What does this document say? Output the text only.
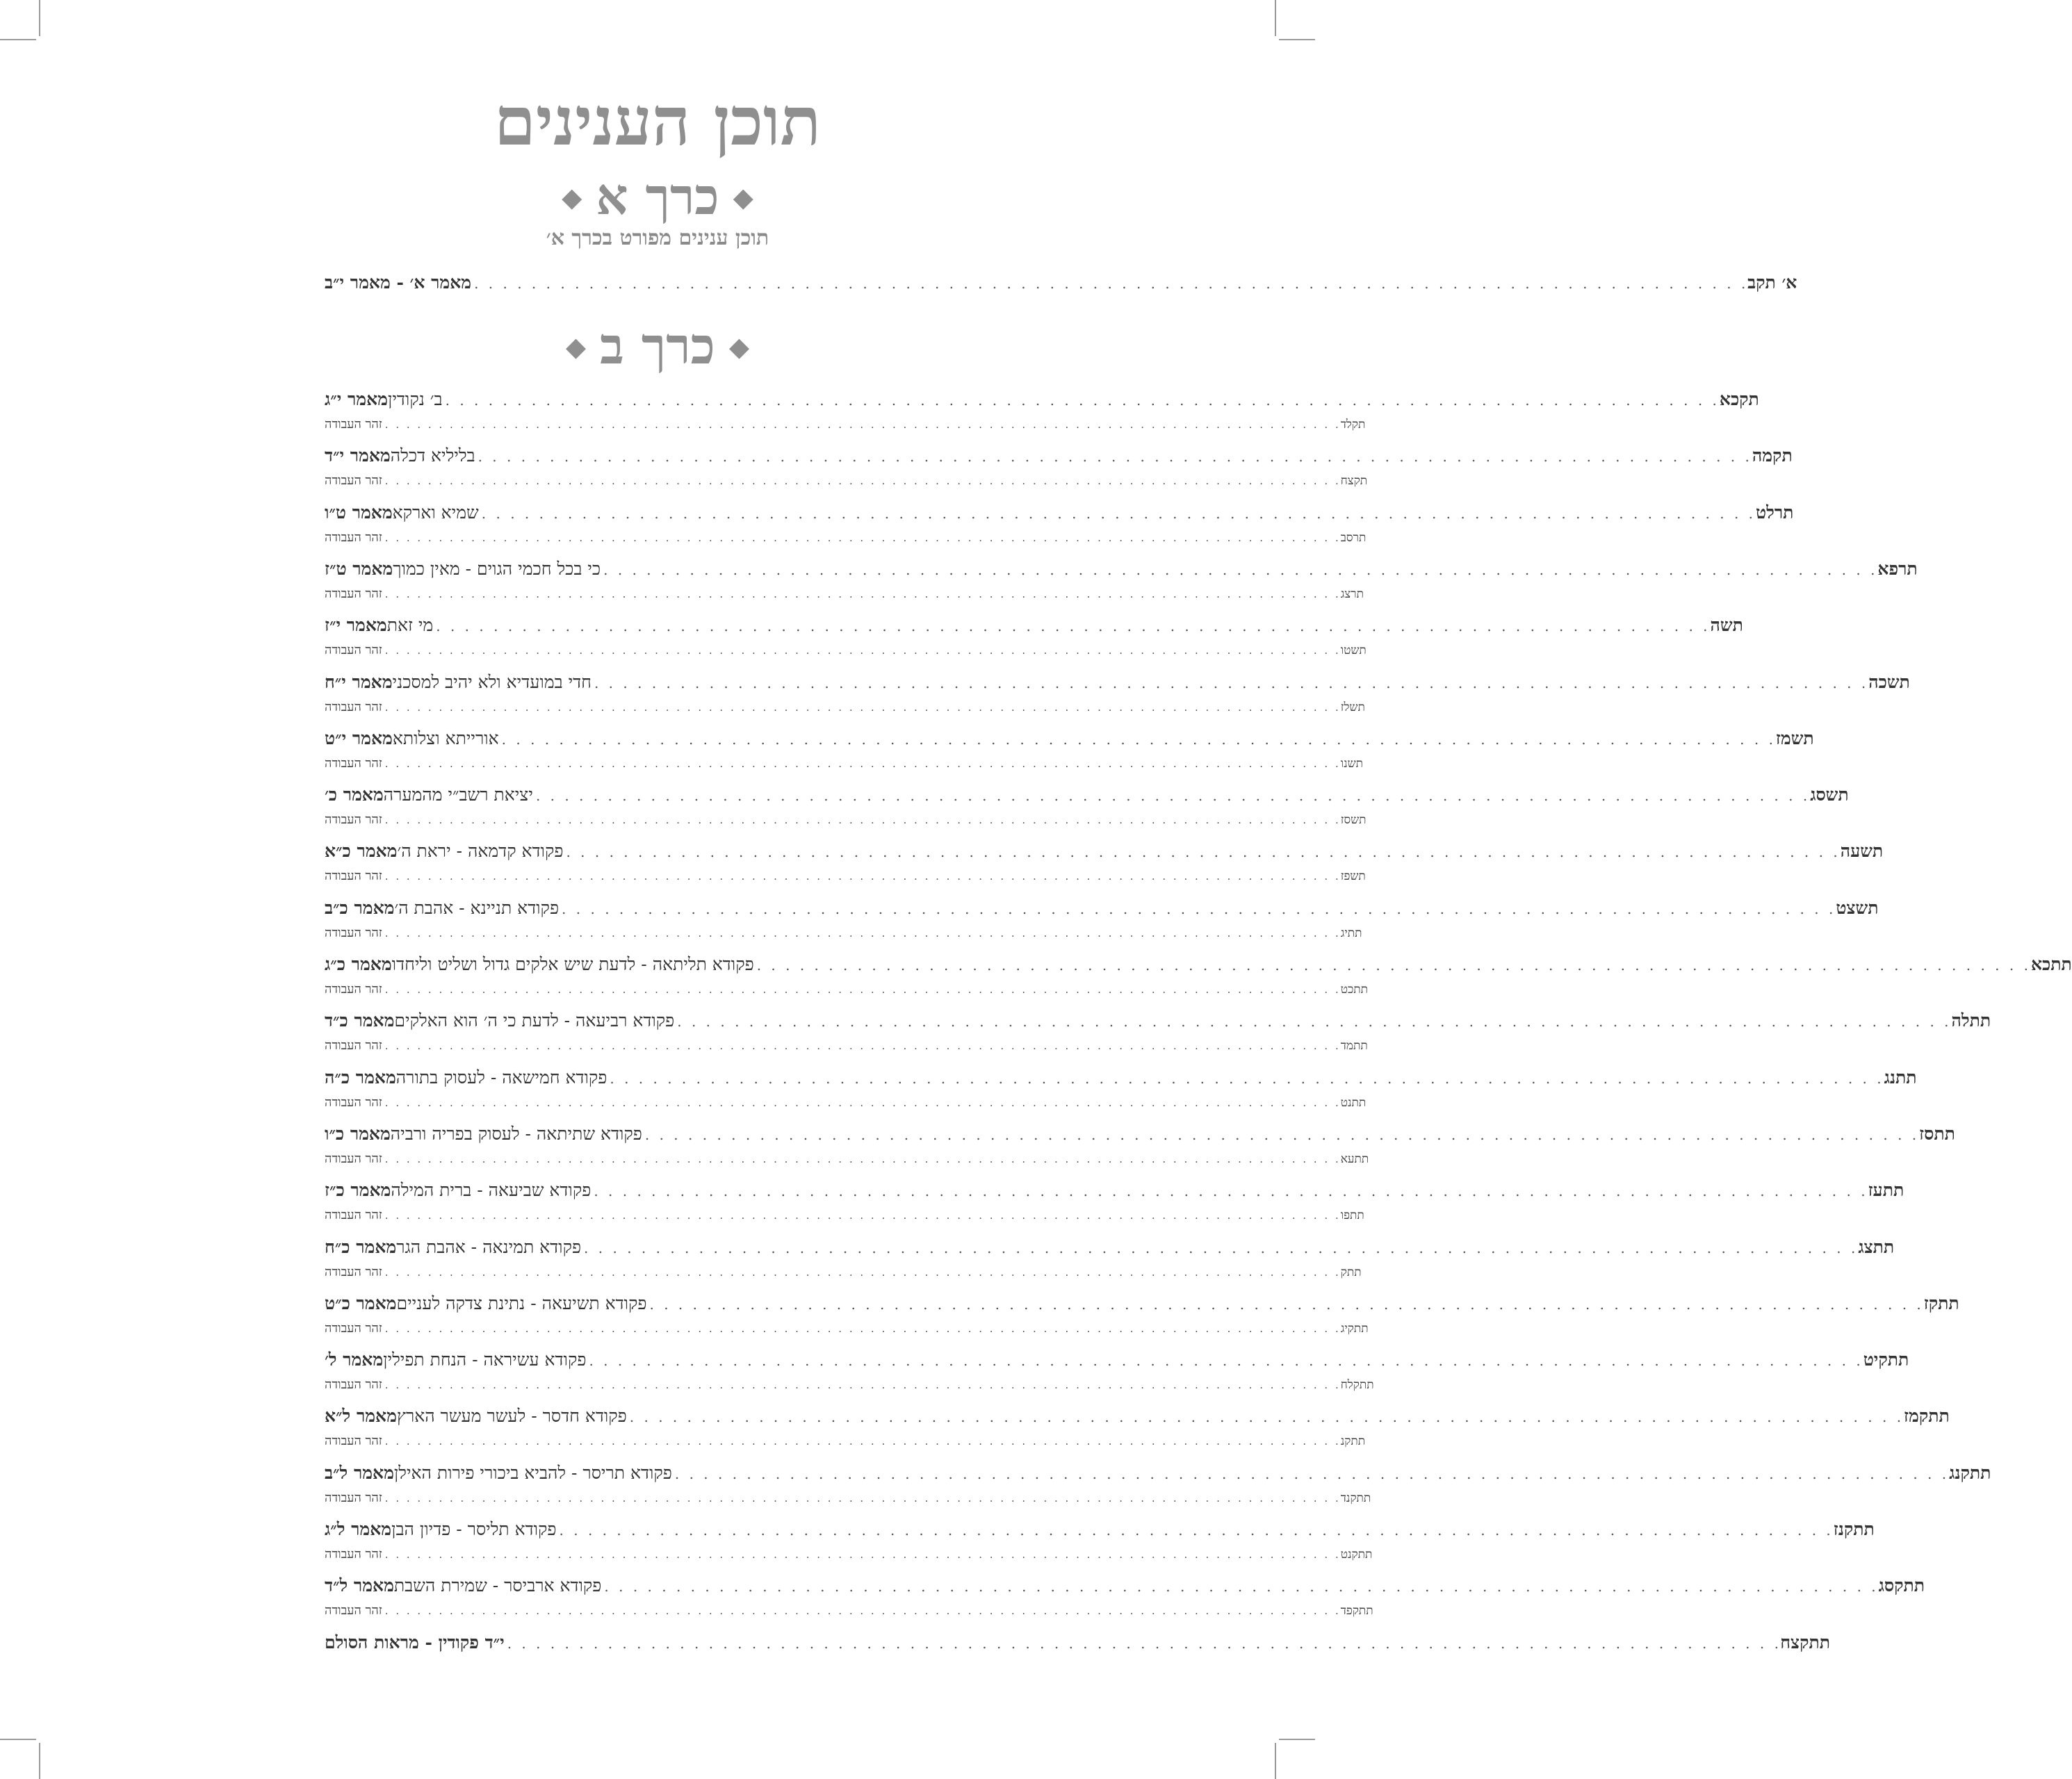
תוכן הענינים
◆כרך א◆
תוכן ענינים מפורט בכרך א׳
מאמר א׳ - מאמר י״ב . . . . . . . . . . . . . . . . . . . . . . . . . . . . . . . . . . . . . . . . . . . . . . . . . . . . . . . . . . . . . . . . . . . . . . . . . . . . . . . . . . . . . . . . .
א׳ תקב
מאמר י״ג ב׳ נקודין . . . . . . . . . . . . . . . . . . . . . . . . . . . . . . . . . . . . . . . . . . . . . . . . . . . . . . . . . . . . . . . . . . . . . . . . . . . . . . . . . . . . . . . . . תקכא
זהר העבודה . . . . . . . . . . . . . . . . . . . . . . . . . . . . . . . . . . . . . . . . . . . . . . . . . . . . . . . . . . . . . . . . . . . . . . . . . . . . . . . . . . . . . . . . . תקלד
מאמר י״ד בליליא דכלה . . . . . . . . . . . . . . . . . . . . . . . . . . . . . . . . . . . . . . . . . . . . . . . . . . . . . . . . . . . . . . . . . . . . . . . . . . . . . . . . . . . . . . . . . תקמה
זהר העבודה . . . . . . . . . . . . . . . . . . . . . . . . . . . . . . . . . . . . . . . . . . . . . . . . . . . . . . . . . . . . . . . . . . . . . . . . . . . . . . . . . . . . . . . . . תקצח
מאמר ט״ו שמיא וארקא . . . . . . . . . . . . . . . . . . . . . . . . . . . . . . . . . . . . . . . . . . . . . . . . . . . . . . . . . . . . . . . . . . . . . . . . . . . . . . . . . . . . . . . . . תרלט
זהר העבודה . . . . . . . . . . . . . . . . . . . . . . . . . . . . . . . . . . . . . . . . . . . . . . . . . . . . . . . . . . . . . . . . . . . . . . . . . . . . . . . . . . . . . . . . . תרסב
מאמר ט״ז כי בכל חכמי הגוים - מאין כמוך . . . . . . . . . . . . . . . . . . . . . . . . . . . . . . . . . . . . . . . . . . . . . . . . . . . . . . . . . . . . . . . . . . . . . . . . . . . . . . . . . . . . . . . . . תרפא
זהר העבודה . . . . . . . . . . . . . . . . . . . . . . . . . . . . . . . . . . . . . . . . . . . . . . . . . . . . . . . . . . . . . . . . . . . . . . . . . . . . . . . . . . . . . . . . . תרצג
מאמר י״ז מי זאת . . . . . . . . . . . . . . . . . . . . . . . . . . . . . . . . . . . . . . . . . . . . . . . . . . . . . . . . . . . . . . . . . . . . . . . . . . . . . . . . . . . . . . . . . תשה
זהר העבודה . . . . . . . . . . . . . . . . . . . . . . . . . . . . . . . . . . . . . . . . . . . . . . . . . . . . . . . . . . . . . . . . . . . . . . . . . . . . . . . . . . . . . . . . . תשטו
מאמר י״ח חדי במועדיא ולא יהיב למסכני . . . . . . . . . . . . . . . . . . . . . . . . . . . . . . . . . . . . . . . . . . . . . . . . . . . . . . . . . . . . . . . . . . . . . . . . . . . . . . . . . . . . . . . . . תשכה
זהר העבודה . . . . . . . . . . . . . . . . . . . . . . . . . . . . . . . . . . . . . . . . . . . . . . . . . . . . . . . . . . . . . . . . . . . . . . . . . . . . . . . . . . . . . . . . . תשלז
מאמר י״ט אורייתא וצלותא . . . . . . . . . . . . . . . . . . . . . . . . . . . . . . . . . . . . . . . . . . . . . . . . . . . . . . . . . . . . . . . . . . . . . . . . . . . . . . . . . . . . . . . . . תשמז
זהר העבודה . . . . . . . . . . . . . . . . . . . . . . . . . . . . . . . . . . . . . . . . . . . . . . . . . . . . . . . . . . . . . . . . . . . . . . . . . . . . . . . . . . . . . . . . . תשנו
מאמר כ׳ יציאת רשב״י מהמערה . . . . . . . . . . . . . . . . . . . . . . . . . . . . . . . . . . . . . . . . . . . . . . . . . . . . . . . . . . . . . . . . . . . . . . . . . . . . . . . . . . . . . . . . . תשסג
זהר העבודה . . . . . . . . . . . . . . . . . . . . . . . . . . . . . . . . . . . . . . . . . . . . . . . . . . . . . . . . . . . . . . . . . . . . . . . . . . . . . . . . . . . . . . . . . תשסז
מאמר כ״א פקודא קדמאה - יראת ה׳ . . . . . . . . . . . . . . . . . . . . . . . . . . . . . . . . . . . . . . . . . . . . . . . . . . . . . . . . . . . . . . . . . . . . . . . . . . . . . . . . . . . . . . . . . תשעה
זהר העבודה . . . . . . . . . . . . . . . . . . . . . . . . . . . . . . . . . . . . . . . . . . . . . . . . . . . . . . . . . . . . . . . . . . . . . . . . . . . . . . . . . . . . . . . . . תשפז
מאמר כ״ב פקודא תניינא - אהבת ה׳ . . . . . . . . . . . . . . . . . . . . . . . . . . . . . . . . . . . . . . . . . . . . . . . . . . . . . . . . . . . . . . . . . . . . . . . . . . . . . . . . . . . . . . . . . תשצט
זהר העבודה . . . . . . . . . . . . . . . . . . . . . . . . . . . . . . . . . . . . . . . . . . . . . . . . . . . . . . . . . . . . . . . . . . . . . . . . . . . . . . . . . . . . . . . . . תתיג
מאמר כ״ג פקודא תליתאה - לדעת שיש אלקים גדול ושליט וליחדו . . . . . . . . . . . . . . . . . . . . . . . . . . . . . . . . . . . . . . . . . . . . . . . . . . . . . . . . . . . . . . . . . . . . . . . . . . . . . . . . . . . . . . . . . תתכא
זהר העבודה . . . . . . . . . . . . . . . . . . . . . . . . . . . . . . . . . . . . . . . . . . . . . . . . . . . . . . . . . . . . . . . . . . . . . . . . . . . . . . . . . . . . . . . . . תתכט
מאמר כ״ד פקודא רביעאה - לדעת כי ה׳ הוא האלקים . . . . . . . . . . . . . . . . . . . . . . . . . . . . . . . . . . . . . . . . . . . . . . . . . . . . . . . . . . . . . . . . . . . . . . . . . . . . . . . . . . . . . . . . . תתלה
זהר העבודה . . . . . . . . . . . . . . . . . . . . . . . . . . . . . . . . . . . . . . . . . . . . . . . . . . . . . . . . . . . . . . . . . . . . . . . . . . . . . . . . . . . . . . . . . תתמד
מאמר כ״ה פקודא חמישאה - לעסוק בתורה . . . . . . . . . . . . . . . . . . . . . . . . . . . . . . . . . . . . . . . . . . . . . . . . . . . . . . . . . . . . . . . . . . . . . . . . . . . . . . . . . . . . . . . . . תתנג
זהר העבודה . . . . . . . . . . . . . . . . . . . . . . . . . . . . . . . . . . . . . . . . . . . . . . . . . . . . . . . . . . . . . . . . . . . . . . . . . . . . . . . . . . . . . . . . . תתנט
מאמר כ״ו פקודא שתיתאה - לעסוק בפריה ורביה . . . . . . . . . . . . . . . . . . . . . . . . . . . . . . . . . . . . . . . . . . . . . . . . . . . . . . . . . . . . . . . . . . . . . . . . . . . . . . . . . . . . . . . . . תתסז
זהר העבודה . . . . . . . . . . . . . . . . . . . . . . . . . . . . . . . . . . . . . . . . . . . . . . . . . . . . . . . . . . . . . . . . . . . . . . . . . . . . . . . . . . . . . . . . . תתעא
מאמר כ״ז פקודא שביעאה - ברית המילה . . . . . . . . . . . . . . . . . . . . . . . . . . . . . . . . . . . . . . . . . . . . . . . . . . . . . . . . . . . . . . . . . . . . . . . . . . . . . . . . . . . . . . . . . תתעז
זהר העבודה . . . . . . . . . . . . . . . . . . . . . . . . . . . . . . . . . . . . . . . . . . . . . . . . . . . . . . . . . . . . . . . . . . . . . . . . . . . . . . . . . . . . . . . . . תתפו
מאמר כ״ח פקודא תמינאה - אהבת הגר . . . . . . . . . . . . . . . . . . . . . . . . . . . . . . . . . . . . . . . . . . . . . . . . . . . . . . . . . . . . . . . . . . . . . . . . . . . . . . . . . . . . . . . . . תתצג
זהר העבודה . . . . . . . . . . . . . . . . . . . . . . . . . . . . . . . . . . . . . . . . . . . . . . . . . . . . . . . . . . . . . . . . . . . . . . . . . . . . . . . . . . . . . . . . . תתק
מאמר כ״ט פקודא תשיעאה - נתינת צדקה לעניים . . . . . . . . . . . . . . . . . . . . . . . . . . . . . . . . . . . . . . . . . . . . . . . . . . . . . . . . . . . . . . . . . . . . . . . . . . . . . . . . . . . . . . . . . תתקז
זהר העבודה . . . . . . . . . . . . . . . . . . . . . . . . . . . . . . . . . . . . . . . . . . . . . . . . . . . . . . . . . . . . . . . . . . . . . . . . . . . . . . . . . . . . . . . . . תתקיג
מאמר ל׳ פקודא עשיראה - הנחת תפילין . . . . . . . . . . . . . . . . . . . . . . . . . . . . . . . . . . . . . . . . . . . . . . . . . . . . . . . . . . . . . . . . . . . . . . . . . . . . . . . . . . . . . . . . . תתקיט
זהר העבודה . . . . . . . . . . . . . . . . . . . . . . . . . . . . . . . . . . . . . . . . . . . . . . . . . . . . . . . . . . . . . . . . . . . . . . . . . . . . . . . . . . . . . . . . . תתקלח
מאמר ל״א פקודא חדסר - לעשר מעשר הארץ . . . . . . . . . . . . . . . . . . . . . . . . . . . . . . . . . . . . . . . . . . . . . . . . . . . . . . . . . . . . . . . . . . . . . . . . . . . . . . . . . . . . . . . . . תתקמז
זהר העבודה . . . . . . . . . . . . . . . . . . . . . . . . . . . . . . . . . . . . . . . . . . . . . . . . . . . . . . . . . . . . . . . . . . . . . . . . . . . . . . . . . . . . . . . . . תתקנ
מאמר ל״ב פקודא תריסר - להביא ביכורי פירות האילן . . . . . . . . . . . . . . . . . . . . . . . . . . . . . . . . . . . . . . . . . . . . . . . . . . . . . . . . . . . . . . . . . . . . . . . . . . . . . . . . . . . . . . . . . תתקנג
זהר העבודה . . . . . . . . . . . . . . . . . . . . . . . . . . . . . . . . . . . . . . . . . . . . . . . . . . . . . . . . . . . . . . . . . . . . . . . . . . . . . . . . . . . . . . . . . תתקנד
מאמר ל״ג פקודא תליסר - פדיון הבן . . . . . . . . . . . . . . . . . . . . . . . . . . . . . . . . . . . . . . . . . . . . . . . . . . . . . . . . . . . . . . . . . . . . . . . . . . . . . . . . . . . . . . . . . תתקנז
זהר העבודה . . . . . . . . . . . . . . . . . . . . . . . . . . . . . . . . . . . . . . . . . . . . . . . . . . . . . . . . . . . . . . . . . . . . . . . . . . . . . . . . . . . . . . . . . תתקנט
מאמר ל״ד פקודא ארביסר - שמירת השבת . . . . . . . . . . . . . . . . . . . . . . . . . . . . . . . . . . . . . . . . . . . . . . . . . . . . . . . . . . . . . . . . . . . . . . . . . . . . . . . . . . . . . . . . . תתקסג
זהר העבודה . . . . . . . . . . . . . . . . . . . . . . . . . . . . . . . . . . . . . . . . . . . . . . . . . . . . . . . . . . . . . . . . . . . . . . . . . . . . . . . . . . . . . . . . . תתקפד
י״ד פקודין - מראות הסולם . . . . . . . . . . . . . . . . . . . . . . . . . . . . . . . . . . . . . . . . . . . . . . . . . . . . . . . . . . . . . . . . . . . . . . . . . . . . . . . . . . . . . . . . .
תתקצח
◆כרך ב◆
